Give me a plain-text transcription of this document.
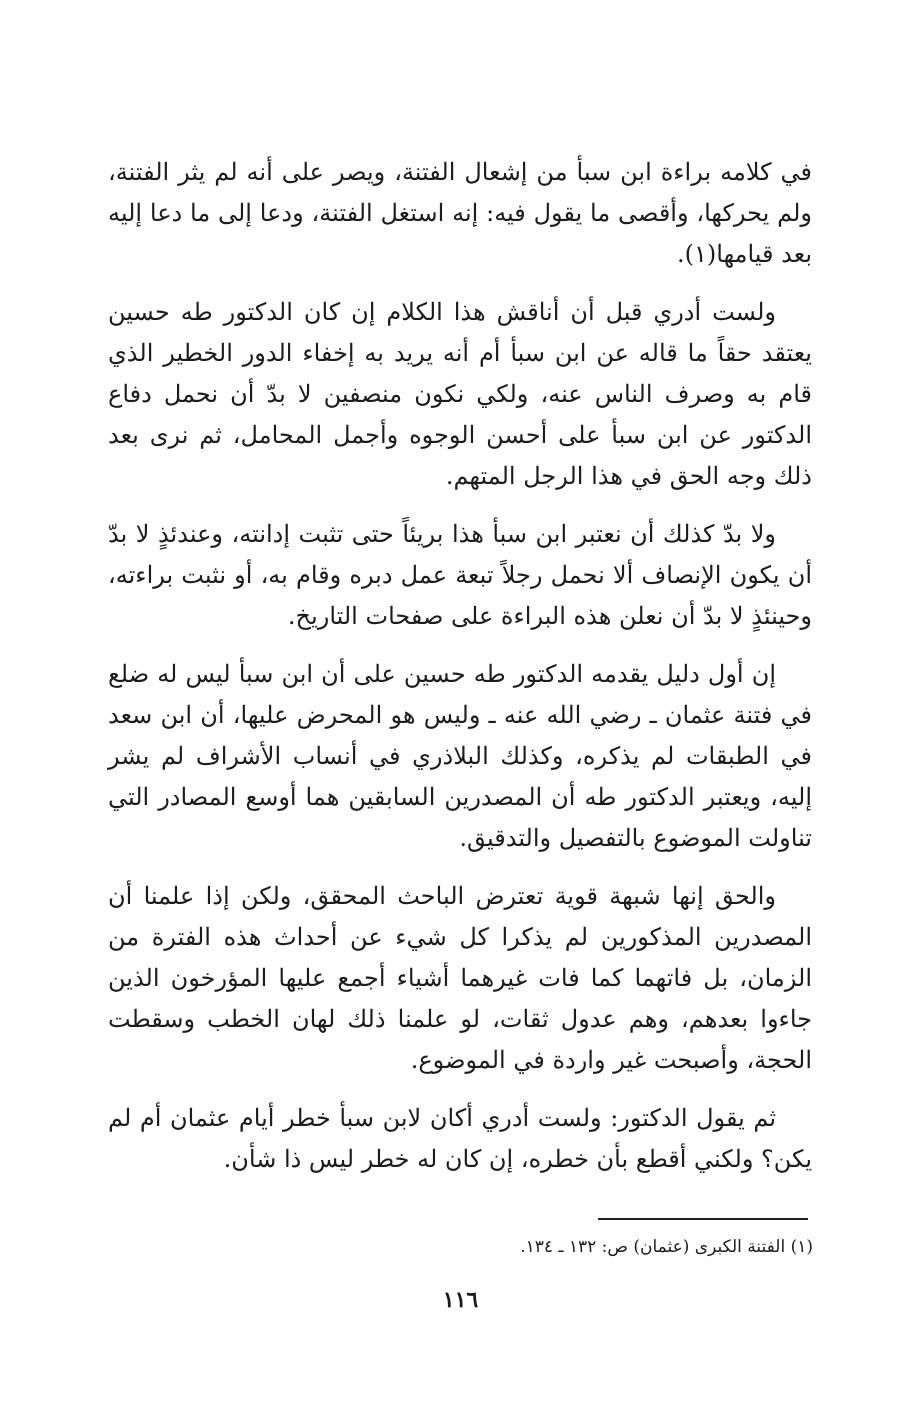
في كلامه براءة ابن سبأ من إشعال الفتنة، ويصر على أنه لم يثر الفتنة، ولم يحركها، وأقصى ما يقول فيه: إنه استغل الفتنة، ودعا إلى ما دعا إليه بعد قيامها(١).

ولست أدري قبل أن أناقش هذا الكلام إن كان الدكتور طه حسين يعتقد حقاً ما قاله عن ابن سبأ أم أنه يريد به إخفاء الدور الخطير الذي قام به وصرف الناس عنه، ولكي نكون منصفين لا بدّ أن نحمل دفاع الدكتور عن ابن سبأ على أحسن الوجوه وأجمل المحامل، ثم نرى بعد ذلك وجه الحق في هذا الرجل المتهم.

ولا بدّ كذلك أن نعتبر ابن سبأ هذا بريئاً حتى تثبت إدانته، وعندئذٍ لا بدّ أن يكون الإنصاف ألا نحمل رجلاً تبعة عمل دبره وقام به، أو نثبت براءته، وحينئذٍ لا بدّ أن نعلن هذه البراءة على صفحات التاريخ.

إن أول دليل يقدمه الدكتور طه حسين على أن ابن سبأ ليس له ضلع في فتنة عثمان ـ رضي الله عنه ـ وليس هو المحرض عليها، أن ابن سعد في الطبقات لم يذكره، وكذلك البلاذري في أنساب الأشراف لم يشر إليه، ويعتبر الدكتور طه أن المصدرين السابقين هما أوسع المصادر التي تناولت الموضوع بالتفصيل والتدقيق.

والحق إنها شبهة قوية تعترض الباحث المحقق، ولكن إذا علمنا أن المصدرين المذكورين لم يذكرا كل شيء عن أحداث هذه الفترة من الزمان، بل فاتهما كما فات غيرهما أشياء أجمع عليها المؤرخون الذين جاءوا بعدهم، وهم عدول ثقات، لو علمنا ذلك لهان الخطب وسقطت الحجة، وأصبحت غير واردة في الموضوع.

ثم يقول الدكتور: ولست أدري أكان لابن سبأ خطر أيام عثمان أم لم يكن؟ ولكني أقطع بأن خطره، إن كان له خطر ليس ذا شأن.

(١) الفتنة الكبرى (عثمان) ص: ١٣٢ ـ ١٣٤.
١١٦
